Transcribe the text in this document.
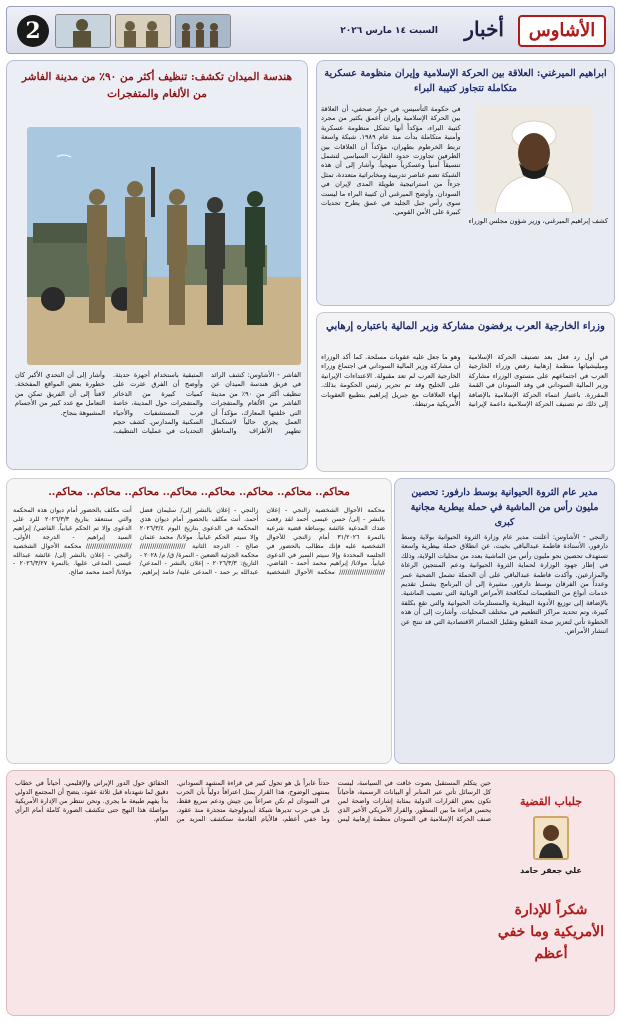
الأشاوس
أخبار
السبت ١٤ مارس ٢٠٢٦
2
ابراهيم الميرغني: العلاقة بين الحركة الإسلامية وإيران منظومة عسكرية متكاملة تتجاوز كتيبة البراء
كشف إبراهيم الميرغني، وزير شؤون مجلس الوزراء في حكومة التأسيس، في حوار صحفي، أن العلاقة بين الحركة الإسلامية وإيران أعمق بكثير من مجرد كتيبة البراء، مؤكداً أنها تشكل منظومة عسكرية وأمنية متكاملة بدأت منذ عام ١٩٨٩. شبكة واسعة تربط الخرطوم بطهران، مؤكداً أن العلاقات بين الطرفين تجاوزت حدود التقارب السياسي لتشمل تنسيقاً أمنياً وعسكرياً منهجياً. وأشار إلى أن هذه الشبكة تضم عناصر تدريبية ومخابراتية متعددة، تمثل جزءاً من استراتيجية طويلة المدى لإيران في السودان. وأوضح الميرغني أن كتيبة البراء ما ليست سوى رأس جبل الجليد في عمق يطرح تحديات كبيرة على الأمن القومي.
هندسة الميدان تكشف: تنظيف أكثر من ٩٠٪ من مدينة الفاشر من الألغام والمتفجرات
الفاشر - الأشاوس: كشف الرائد في فريق هندسة الميدان عن تنظيف أكثر من ٩٠٪ من مدينة الفاشر من الألغام والمتفجرات التي خلفتها المعارك، مؤكداً أن العمل يجري حالياً لاستكمال تطهير الأطراف والمناطق المتبقية باستخدام أجهزة حديثة. وأوضح أن الفرق عثرت على كميات كبيرة من الذخائر والمتفجرات حول المدينة، خاصة قرب المستشفيات والأحياء السكنية والمدارس. كشف حجم التحديات في عمليات التنظيف، وأشار إلى أن التحدي الأكبر كان خطورة بعض المواقع المفخخة. لافتاً إلى أن الفريق تمكن من التعامل مع عدد كبير من الأجسام المشبوهة بنجاح.
وزراء الخارجية العرب يرفضون مشاركة وزير المالية باعتباره إرهابي
في أول رد فعل بعد تصنيف الحركة الإسلامية وميليشياتها منظمة إرهابية رفض وزراء الخارجية العرب في اجتماعهم على مستوى الوزراء مشاركة وزير المالية السوداني في وفد السودان في القمة المقررة. باعتبار انتماء الحركة الإسلامية بالإضافة إلى ذلك تم تصنيف الحركة الإسلامية داعمة لإيرانية وهو ما جعل عليه عقوبات مسلحة. كما أكد الوزراء أن مشاركة وزير المالية السوداني في اجتماع وزراء الخارجية العرب لم تعد مقبولة. الاعتداءات الإيرانية على الخليج وقد تم تحرير رئيس الحكومة بذلك. إنهاء العلاقات مع جبريل إبراهيم بتطبيع العقوبات الأمريكية مرتبطة.
محاكم.. محاكم.. محاكم.. محاكم.. محاكم.. محاكم.. محاكم.. محاكم..
محكمة الأحوال الشخصية زالنجي - إعلان بالنشر - إلى/ حسن عيسى أحمد لقد رفعت ضدك المدعية عائشة بوساطة قضية شرعية بالنمرة ٣١/٢٠٢٦ أمام زالنجي للأحوال الشخصية عليه فإنك مطالب بالحضور في الجلسة المحددة وإلا سيتم السير في الدعوى غيابياً. مولانا/ إبراهيم محمد أحمد - القاضي. ////////////////////// محكمة الأحوال الشخصية زالنجي - إعلان بالنشر إلى/ سليمان فضل أحمد، أنت مكلف بالحضور أمام ديوان هذي المحكمة في الدعوى بتاريخ اليوم ٢٠٢٦/٣/٤ وإلا سيتم الحكم غيابياً. مولانا/ محمد عثمان صالح - الدرجة الثانية ////////////////////// محكمة الجزئية الضعين - النمرة/ ق/ م/ ٢٠٢٨ - التاريخ: ٢٠٢٦/٣/٣ - إعلان بالنشر - المدعي/ عبدالله بر حمد - المدعى عليه/ حامد إبراهيم. أنت مكلف بالحضور أمام ديوان هذه المحكمة والتي ستنعقد بتاريخ ٢٠٢٦/٣/٣ للرد على الدعوى وإلا تم الحكم غيابياً. القاضي/ إبراهيم السيد إبراهيم - الدرجة الأولى. ////////////////////// محكمة الأحوال الشخصية زالنجي - إعلان بالنشر إلى/ عائشة عبدالله عيسى المدعى عليها. بالنمرة ٢٠٢٦/٣/٢٧ - مولانا/ أحمد محمد صالح.
مدير عام الثروة الحيوانية بوسط دارفور: تحصين مليون رأس من الماشية في حملة بيطرية مجانية كبرى
زالنجي - الأشاوس: أعلنت مدير عام وزارة الثروة الحيوانية بولاية وسط دارفور، الأستاذة فاطمة عبدالباقي بخيت، عن انطلاق حملة بيطرية واسعة تستهدف تحصين نحو مليون رأس من الماشية بعدد من محليات الولاية، وذلك في إطار جهود الوزارة لحماية الثروة الحيوانية ودعم المنتجين الرعاة والمزارعين. وأكدت فاطمة عبدالباقي على أن الحملة تشمل الضحية عمر وعدداً من الفرقان بوسط دارفور. مشيرة إلى أن البرنامج يشمل تقديم خدمات أنواع من التطعيمات لمكافحة الأمراض الوبائية التي تصيب الماشية. بالإضافة إلى توزيع الأدوية البيطرية والمستلزمات الحيوانية والتي تقع بكلفة كبيرة، وتم تحديد مراكز التطعيم في مختلف المحليات. وأشارت إلى أن هذه الخطوة تأتي لتعزيز صحة القطيع وتقليل الخسائر الاقتصادية التي قد تنتج عن انتشار الأمراض.
جلباب القضية
علي جعفر حامد
شكراً للإدارة الأمريكية وما خفي أعظم
حين يتكلم المستقبل بصوت خافت في السياسة، ليست كل الرسائل تأتي عبر المنابر أو البيانات الرسمية، فأحياناً تكون بعض القرارات الدولية بمثابة إشارات واضحة لمن يحسن قراءة ما بين السطور. والقرار الأمريكي الأخير الذي صنف الحركة الإسلامية في السودان منظمة إرهابية ليس حدثاً عابراً بل هو تحول كبير في قراءة المشهد السوداني. بمنتهى الوضوح، هذا القرار يمثل اعترافاً دولياً بأن الحرب في السودان لم تكن صراعاً بين جيش ودعم سريع فقط، بل هي حرب تديرها شبكة أيديولوجية متجذرة منذ عقود. وما خفي أعظم، فالأيام القادمة ستكشف المزيد من الحقائق حول الدور الإيراني والإقليمي. أحياناً في خطاب دقيق لما شهدناه قبل ثلاثة عقود، يتضح أن المجتمع الدولي بدأ يفهم طبيعة ما يجري. ونحن ننتظر من الإدارة الأمريكية مواصلة هذا النهج حتى تتكشف الصورة كاملة أمام الرأي العام.
